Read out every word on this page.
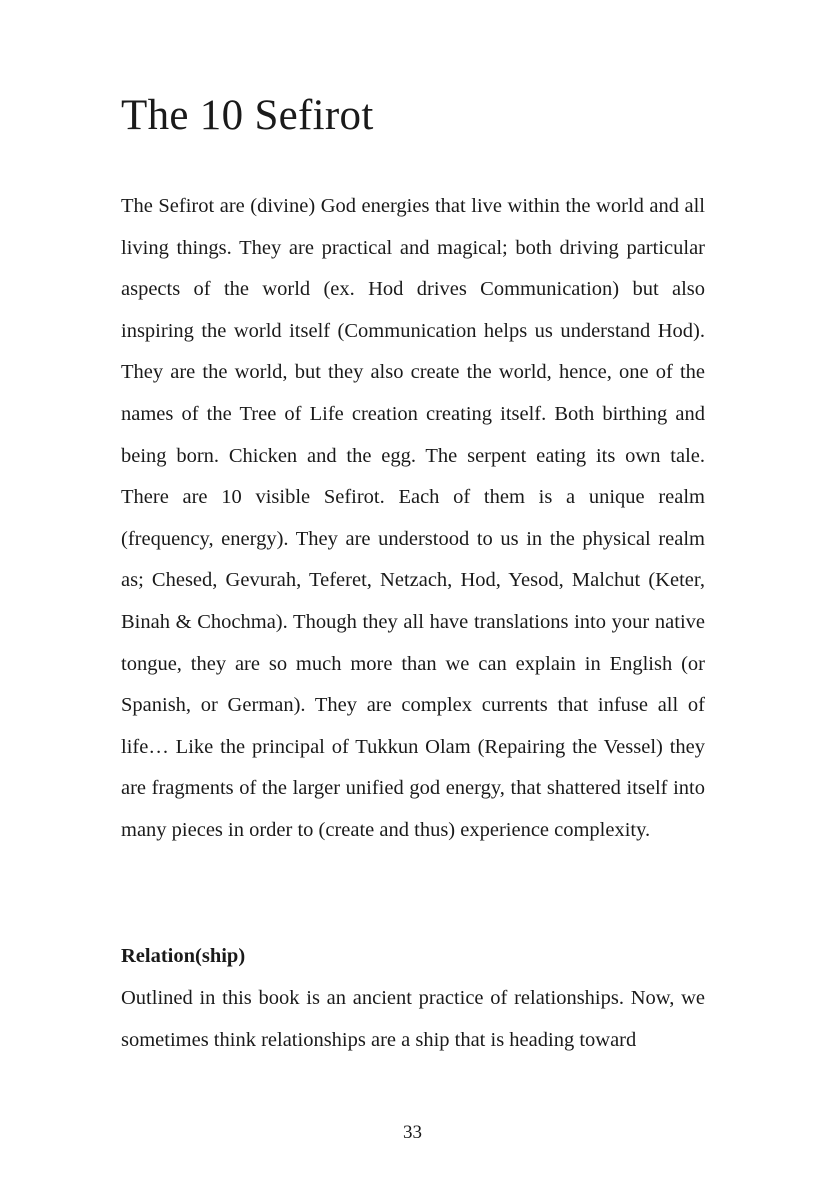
The 10 Sefirot

The Sefirot are (divine) God energies that live within the world and all living things. They are practical and magical; both driving particular aspects of the world (ex. Hod drives Communication) but also inspiring the world itself (Communication helps us understand Hod). They are the world, but they also create the world, hence, one of the names of the Tree of Life creation creating itself. Both birthing and being born. Chicken and the egg. The serpent eating its own tale. There are 10 visible Sefirot. Each of them is a unique realm (frequency, energy). They are understood to us in the physical realm as; Chesed, Gevurah, Teferet, Netzach, Hod, Yesod, Malchut (Keter, Binah & Chochma). Though they all have translations into your native tongue, they are so much more than we can explain in English (or Spanish, or German). They are complex currents that infuse all of life… Like the principal of Tukkun Olam (Repairing the Vessel) they are fragments of the larger unified god energy, that shattered itself into many pieces in order to (create and thus) experience complexity.

Relation(ship)

Outlined in this book is an ancient practice of relationships. Now, we sometimes think relationships are a ship that is heading toward

33
